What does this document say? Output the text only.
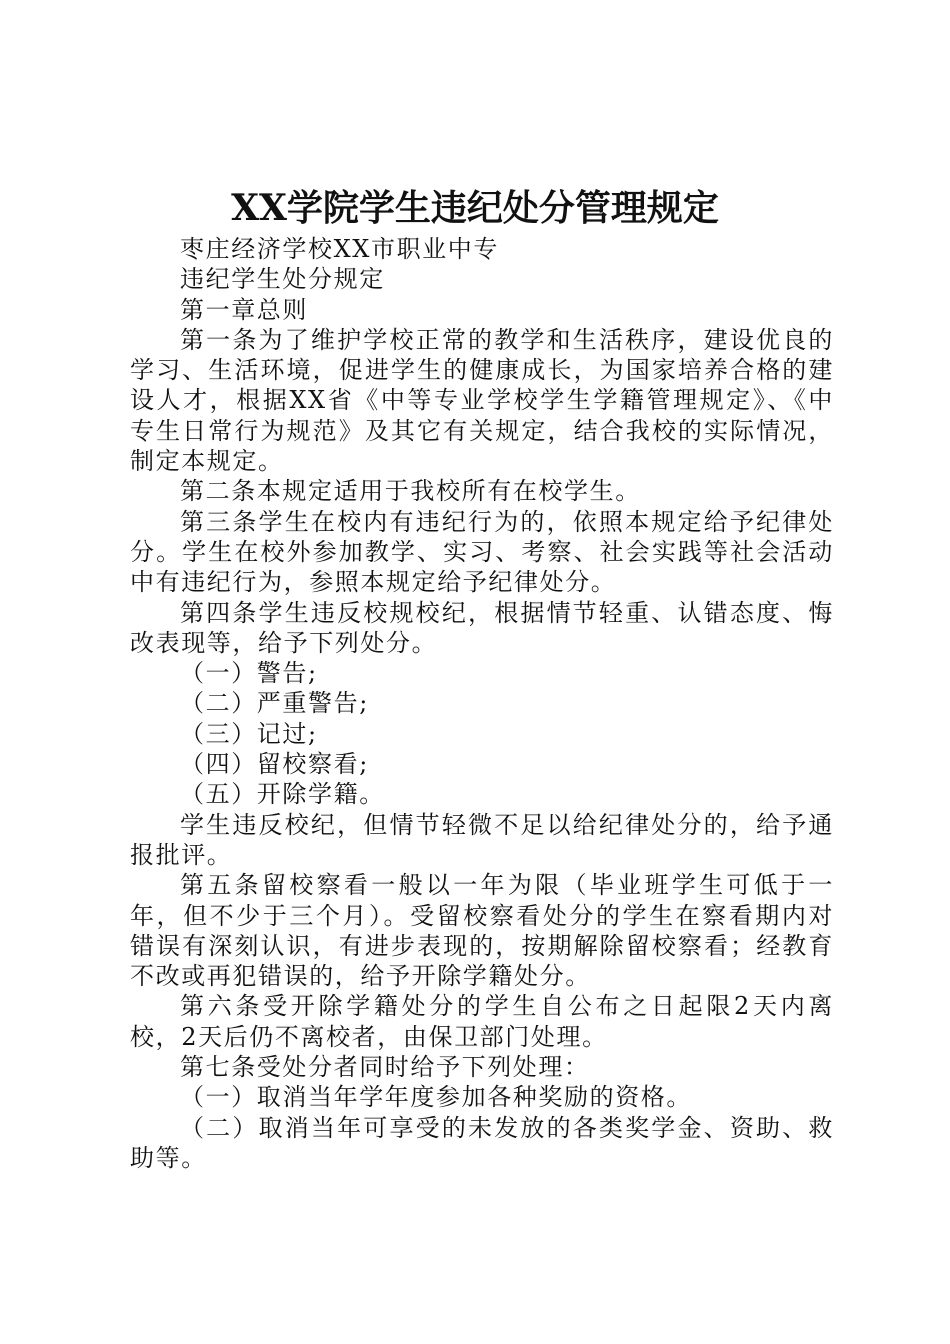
XX学院学生违纪处分管理规定

枣庄经济学校XX市职业中专

违纪学生处分规定

第一章总则

第一条为了维护学校正常的教学和生活秩序，建设优良的学习、生活环境，促进学生的健康成长，为国家培养合格的建设人才，根据XX省《中等专业学校学生学籍管理规定》、《中专生日常行为规范》及其它有关规定，结合我校的实际情况，制定本规定。

第二条本规定适用于我校所有在校学生。

第三条学生在校内有违纪行为的，依照本规定给予纪律处分。学生在校外参加教学、实习、考察、社会实践等社会活动中有违纪行为，参照本规定给予纪律处分。

第四条学生违反校规校纪，根据情节轻重、认错态度、悔改表现等，给予下列处分。

（一）警告;

（二）严重警告;

（三）记过;

（四）留校察看;

（五）开除学籍。

学生违反校纪，但情节轻微不足以给纪律处分的，给予通报批评。

第五条留校察看一般以一年为限（毕业班学生可低于一年，但不少于三个月）。受留校察看处分的学生在察看期内对错误有深刻认识，有进步表现的，按期解除留校察看；经教育不改或再犯错误的，给予开除学籍处分。

第六条受开除学籍处分的学生自公布之日起限2天内离校，2天后仍不离校者，由保卫部门处理。

第七条受处分者同时给予下列处理：

（一）取消当年学年度参加各种奖励的资格。

（二）取消当年可享受的未发放的各类奖学金、资助、救助等。
